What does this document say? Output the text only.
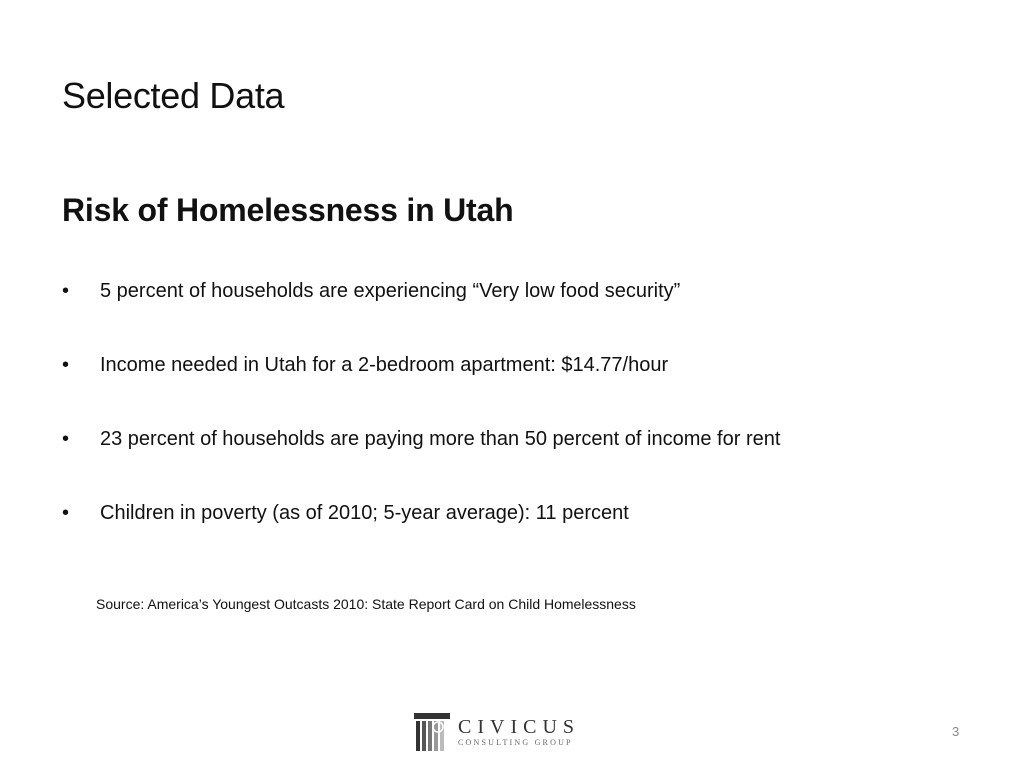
Selected Data
Risk of Homelessness in Utah
•	5 percent of households are experiencing “Very low food security”
•	Income needed in Utah for a 2-bedroom apartment: $14.77/hour
•	23 percent of households are paying more than 50 percent of income for rent
•	Children in poverty (as of 2010; 5-year average): 11 percent
Source: America’s Youngest Outcasts 2010: State Report Card on Child Homelessness
CIVICUS
CONSULTING GROUP
3
